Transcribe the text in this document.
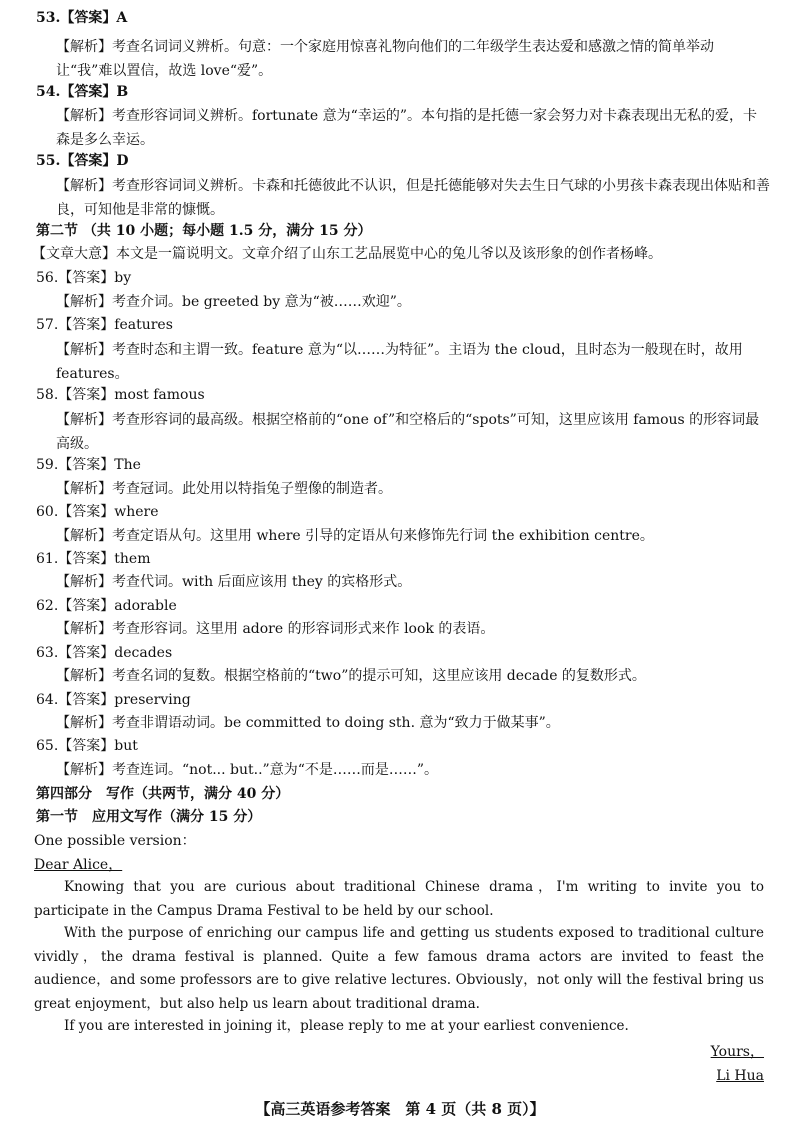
53.【答案】A
【解析】考查名词词义辨析。句意：一个家庭用惊喜礼物向他们的二年级学生表达爱和感激之情的简单举动让“我”难以置信，故选 love“爱”。
54.【答案】B
【解析】考查形容词词义辨析。fortunate 意为“幸运的”。本句指的是托德一家会努力对卡森表现出无私的爱，卡森是多么幸运。
55.【答案】D
【解析】考查形容词词义辨析。卡森和托德彼此不认识，但是托德能够对失去生日气球的小男孩卡森表现出体贴和善良，可知他是非常的慷慨。
第二节 （共 10 小题；每小题 1.5 分，满分 15 分）
【文章大意】本文是一篇说明文。文章介绍了山东工艺品展览中心的兔儿爷以及该形象的创作者杨峰。
56.【答案】by
【解析】考查介词。be greeted by 意为“被……欢迎”。
57.【答案】features
【解析】考查时态和主谓一致。feature 意为“以……为特征”。主语为 the cloud，且时态为一般现在时，故用 features。
58.【答案】most famous
【解析】考查形容词的最高级。根据空格前的“one of”和空格后的“spots”可知，这里应该用 famous 的形容词最高级。
59.【答案】The
【解析】考查冠词。此处用以特指兔子塑像的制造者。
60.【答案】where
【解析】考查定语从句。这里用 where 引导的定语从句来修饰先行词 the exhibition centre。
61.【答案】them
【解析】考查代词。with 后面应该用 they 的宾格形式。
62.【答案】adorable
【解析】考查形容词。这里用 adore 的形容词形式来作 look 的表语。
63.【答案】decades
【解析】考查名词的复数。根据空格前的“two”的提示可知，这里应该用 decade 的复数形式。
64.【答案】preserving
【解析】考查非谓语动词。be committed to doing sth. 意为“致力于做某事”。
65.【答案】but
【解析】考查连词。“not... but..”意为“不是……而是……”。
第四部分　写作（共两节，满分 40 分）
第一节　应用文写作（满分 15 分）
One possible version：
Dear Alice，
Knowing that you are curious about traditional Chinese drama，I'm writing to invite you to participate in the Campus Drama Festival to be held by our school.
With the purpose of enriching our campus life and getting us students exposed to traditional culture vividly，the drama festival is planned. Quite a few famous drama actors are invited to feast the audience，and some professors are to give relative lectures. Obviously，not only will the festival bring us great enjoyment，but also help us learn about traditional drama.
If you are interested in joining it，please reply to me at your earliest convenience.
Yours，
Li Hua
【高三英语参考答案　第 4 页（共 8 页）】
